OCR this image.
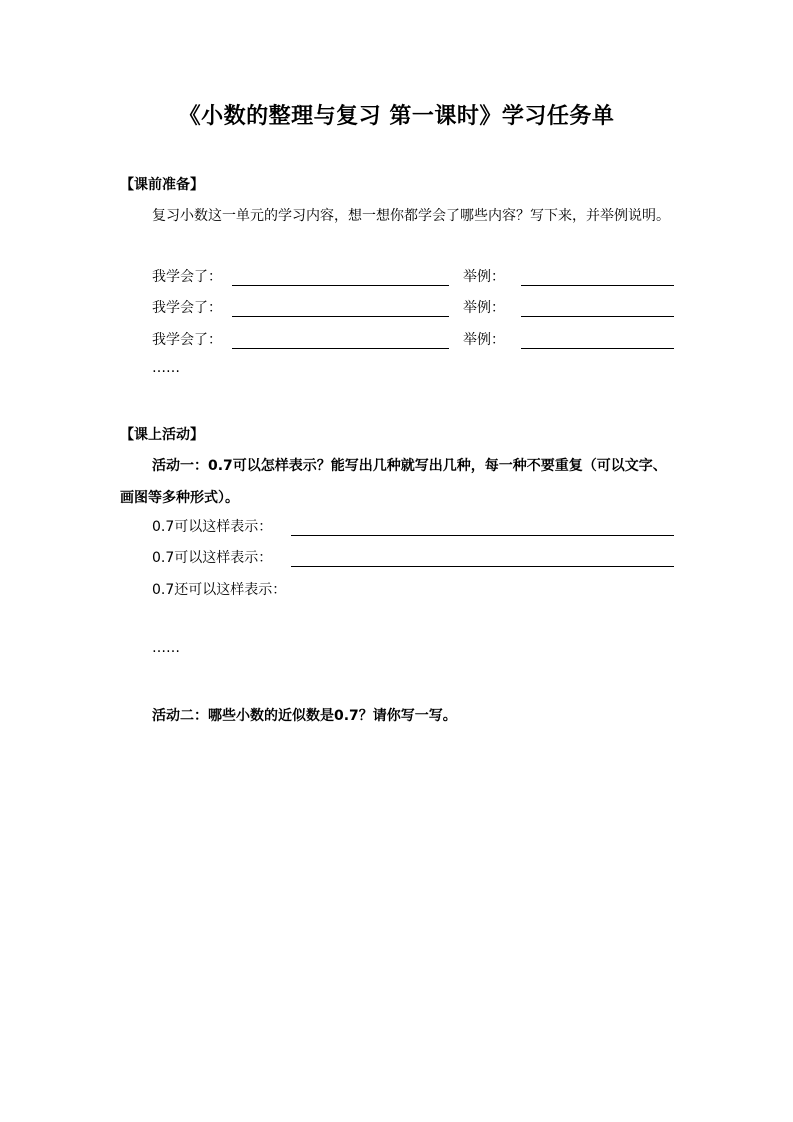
《小数的整理与复习 第一课时》学习任务单
【课前准备】

复习小数这一单元的学习内容，想一想你都学会了哪些内容？写下来，并举例说明。

我学会了：	举例：
我学会了：	举例：
我学会了：	举例：
……
【课上活动】

活动一：0.7可以怎样表示？能写出几种就写出几种，每一种不要重复（可以文字、画图等多种形式）。

0.7可以这样表示：
0.7可以这样表示：
0.7还可以这样表示：
……
活动二：哪些小数的近似数是0.7？请你写一写。
